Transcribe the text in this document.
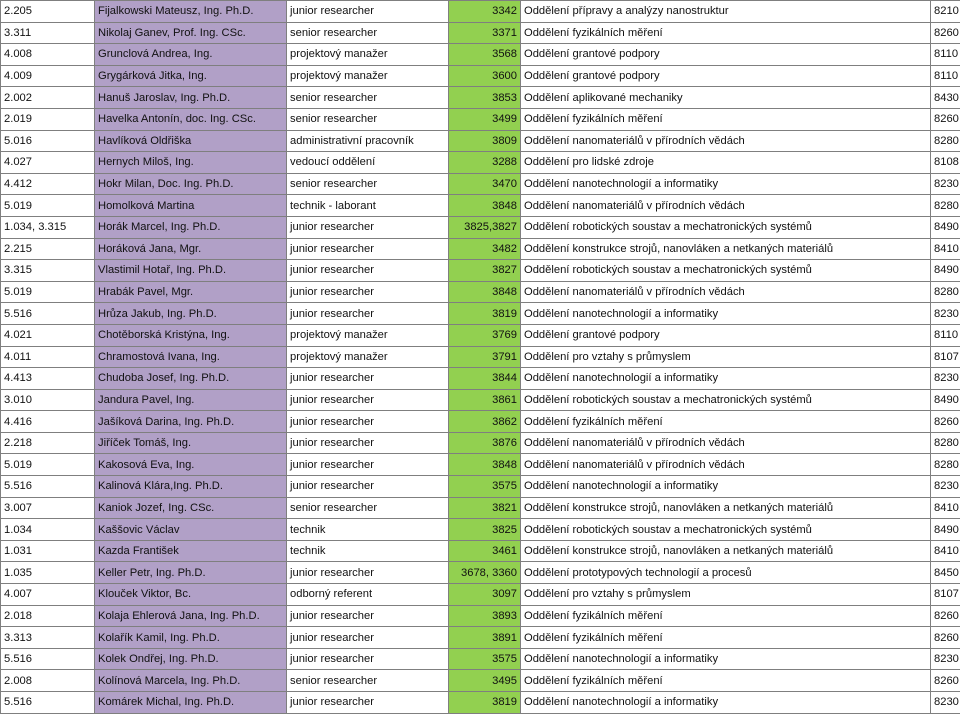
2.205	Fijalkowski Mateusz, Ing. Ph.D.	junior researcher	3342	Oddělení přípravy a analýzy nanostruktur	8210
3.311	Nikolaj Ganev, Prof. Ing. CSc.	senior researcher	3371	Oddělení fyzikálních měření	8260
4.008	Grunclová Andrea, Ing.	projektový manažer	3568	Oddělení grantové podpory	8110
4.009	Grygárková Jitka, Ing.	projektový manažer	3600	Oddělení grantové podpory	8110
2.002	Hanuš Jaroslav, Ing. Ph.D.	senior researcher	3853	Oddělení aplikované mechaniky	8430
2.019	Havelka Antonín, doc. Ing. CSc.	senior researcher	3499	Oddělení fyzikálních měření	8260
5.016	Havlíková Oldřiška	administrativní pracovník	3809	Oddělení nanomateriálů v přírodních vědách	8280
4.027	Hernych Miloš, Ing.	vedoucí oddělení	3288	Oddělení pro lidské zdroje	8108
4.412	Hokr Milan, Doc. Ing. Ph.D.	senior researcher	3470	Oddělení nanotechnologií a informatiky	8230
5.019	Homolková Martina	technik - laborant	3848	Oddělení nanomateriálů v přírodních vědách	8280
1.034, 3.315	Horák Marcel, Ing. Ph.D.	junior researcher	3825,3827	Oddělení robotických soustav a mechatronických systémů	8490
2.215	Horáková Jana, Mgr.	junior researcher	3482	Oddělení konstrukce strojů, nanovláken a netkaných materiálů	8410
3.315	Vlastimil Hotař, Ing. Ph.D.	junior researcher	3827	Oddělení robotických soustav a mechatronických systémů	8490
5.019	Hrabák Pavel, Mgr.	junior researcher	3848	Oddělení nanomateriálů v přírodních vědách	8280
5.516	Hrůza Jakub, Ing. Ph.D.	junior researcher	3819	Oddělení nanotechnologií a informatiky	8230
4.021	Chotěborská Kristýna, Ing.	projektový manažer	3769	Oddělení grantové podpory	8110
4.011	Chramostová Ivana, Ing.	projektový manažer	3791	Oddělení pro vztahy s průmyslem	8107
4.413	Chudoba Josef, Ing. Ph.D.	junior researcher	3844	Oddělení nanotechnologií a informatiky	8230
3.010	Jandura Pavel, Ing.	junior researcher	3861	Oddělení robotických soustav a mechatronických systémů	8490
4.416	Jašíková Darina, Ing. Ph.D.	junior researcher	3862	Oddělení fyzikálních měření	8260
2.218	Jiříček Tomáš, Ing.	junior researcher	3876	Oddělení nanomateriálů v přírodních vědách	8280
5.019	Kakosová Eva, Ing.	junior researcher	3848	Oddělení nanomateriálů v přírodních vědách	8280
5.516	Kalinová Klára,Ing. Ph.D.	junior researcher	3575	Oddělení nanotechnologií a informatiky	8230
3.007	Kaniok Jozef, Ing. CSc.	senior researcher	3821	Oddělení konstrukce strojů, nanovláken a netkaných materiálů	8410
1.034	Kaššovic Václav	technik	3825	Oddělení robotických soustav a mechatronických systémů	8490
1.031	Kazda František	technik	3461	Oddělení konstrukce strojů, nanovláken a netkaných materiálů	8410
1.035	Keller Petr, Ing. Ph.D.	junior researcher	3678, 3360	Oddělení prototypových technologií a procesů	8450
4.007	Klouček Viktor, Bc.	odborný referent	3097	Oddělení pro vztahy s průmyslem	8107
2.018	Kolaja Ehlerová Jana, Ing. Ph.D.	junior researcher	3893	Oddělení fyzikálních měření	8260
3.313	Kolařík Kamil, Ing. Ph.D.	junior researcher	3891	Oddělení fyzikálních měření	8260
5.516	Kolek Ondřej, Ing. Ph.D.	junior researcher	3575	Oddělení nanotechnologií a informatiky	8230
2.008	Kolínová Marcela, Ing. Ph.D.	senior researcher	3495	Oddělení fyzikálních měření	8260
5.516	Komárek Michal, Ing. Ph.D.	junior researcher	3819	Oddělení nanotechnologií a informatiky	8230
